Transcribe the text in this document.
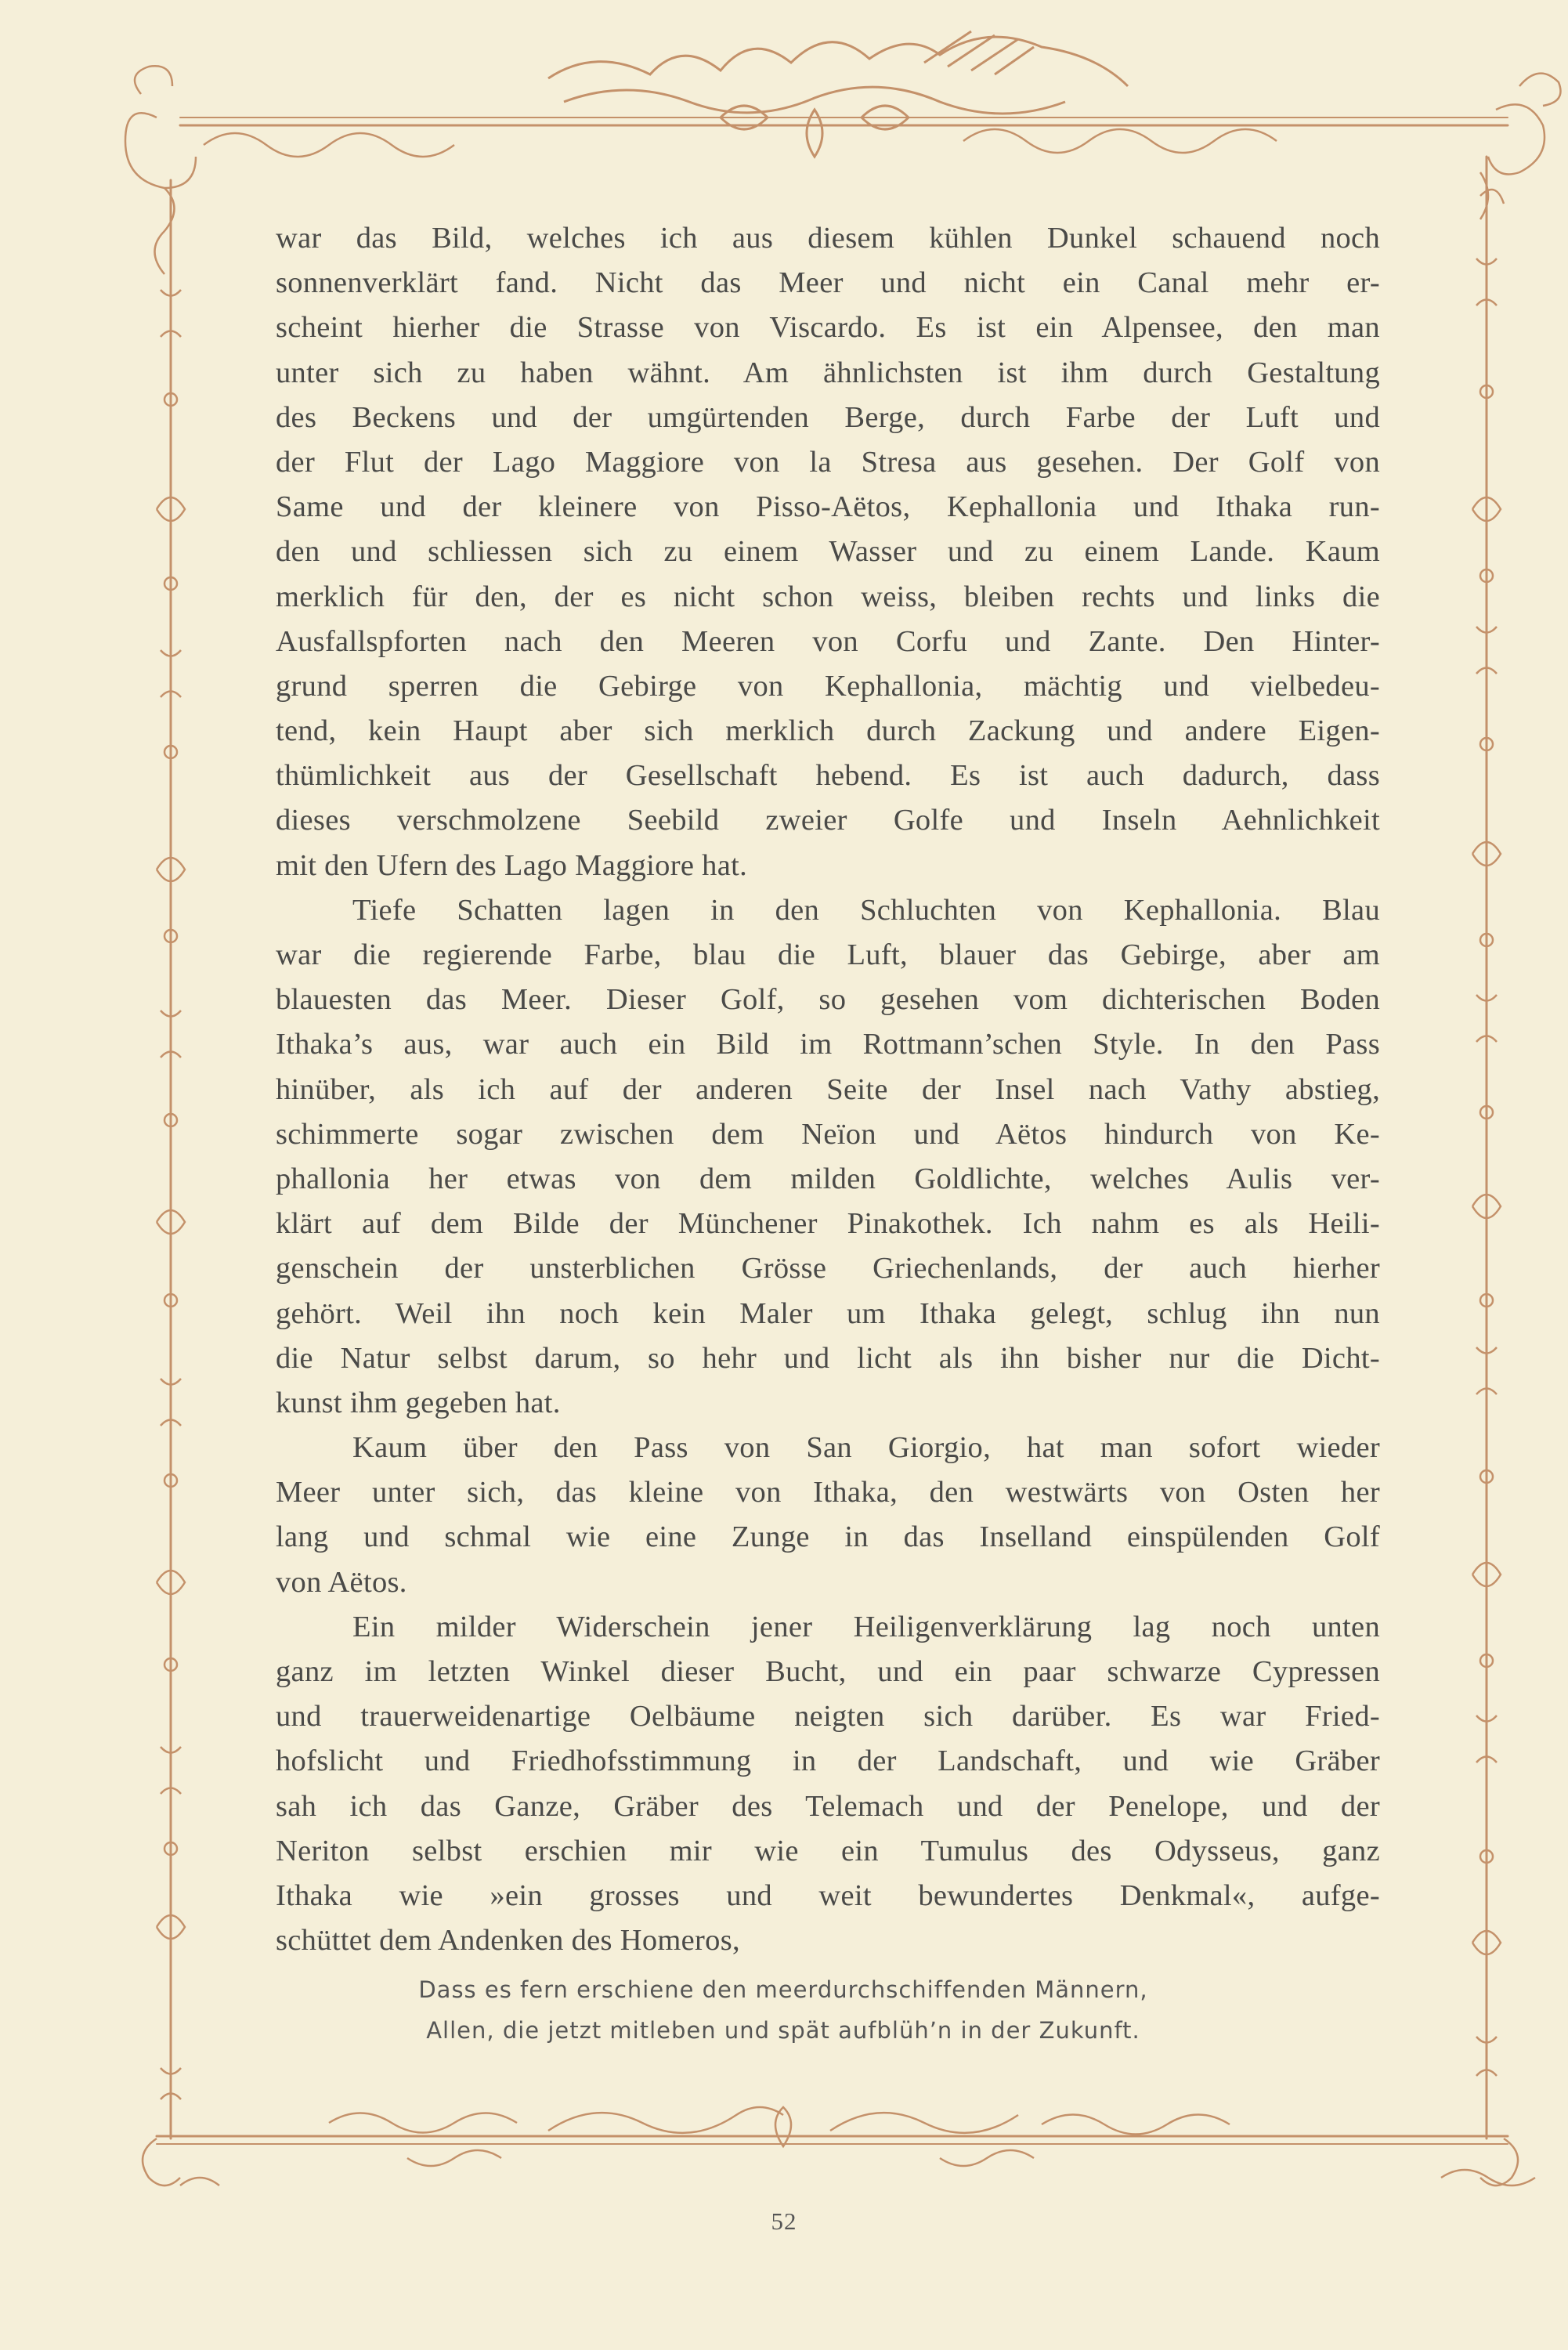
war das Bild, welches ich aus diesem kühlen Dunkel schauend noch
sonnenverklärt fand. Nicht das Meer und nicht ein Canal mehr er-
scheint hierher die Strasse von Viscardo. Es ist ein Alpensee, den man
unter sich zu haben wähnt. Am ähnlichsten ist ihm durch Gestaltung
des Beckens und der umgürtenden Berge, durch Farbe der Luft und
der Flut der Lago Maggiore von la Stresa aus gesehen. Der Golf von
Same und der kleinere von Pisso-Aëtos, Kephallonia und Ithaka run-
den und schliessen sich zu einem Wasser und zu einem Lande. Kaum
merklich für den, der es nicht schon weiss, bleiben rechts und links die
Ausfallspforten nach den Meeren von Corfu und Zante. Den Hinter-
grund sperren die Gebirge von Kephallonia, mächtig und vielbedeu-
tend, kein Haupt aber sich merklich durch Zackung und andere Eigen-
thümlichkeit aus der Gesellschaft hebend. Es ist auch dadurch, dass
dieses verschmolzene Seebild zweier Golfe und Inseln Aehnlichkeit
mit den Ufern des Lago Maggiore hat.
Tiefe Schatten lagen in den Schluchten von Kephallonia. Blau
war die regierende Farbe, blau die Luft, blauer das Gebirge, aber am
blauesten das Meer. Dieser Golf, so gesehen vom dichterischen Boden
Ithaka’s aus, war auch ein Bild im Rottmann’schen Style. In den Pass
hinüber, als ich auf der anderen Seite der Insel nach Vathy abstieg,
schimmerte sogar zwischen dem Neïon und Aëtos hindurch von Ke-
phallonia her etwas von dem milden Goldlichte, welches Aulis ver-
klärt auf dem Bilde der Münchener Pinakothek. Ich nahm es als Heili-
genschein der unsterblichen Grösse Griechenlands, der auch hierher
gehört. Weil ihn noch kein Maler um Ithaka gelegt, schlug ihn nun
die Natur selbst darum, so hehr und licht als ihn bisher nur die Dicht-
kunst ihm gegeben hat.
Kaum über den Pass von San Giorgio, hat man sofort wieder
Meer unter sich, das kleine von Ithaka, den westwärts von Osten her
lang und schmal wie eine Zunge in das Inselland einspülenden Golf
von Aëtos.
Ein milder Widerschein jener Heiligenverklärung lag noch unten
ganz im letzten Winkel dieser Bucht, und ein paar schwarze Cypressen
und trauerweidenartige Oelbäume neigten sich darüber. Es war Fried-
hofslicht und Friedhofsstimmung in der Landschaft, und wie Gräber
sah ich das Ganze, Gräber des Telemach und der Penelope, und der
Neriton selbst erschien mir wie ein Tumulus des Odysseus, ganz
Ithaka wie »ein grosses und weit bewundertes Denkmal«, aufge-
schüttet dem Andenken des Homeros,
Dass es fern erschiene den meerdurchschiffenden Männern,
Allen, die jetzt mitleben und spät aufblüh’n in der Zukunft.
52
